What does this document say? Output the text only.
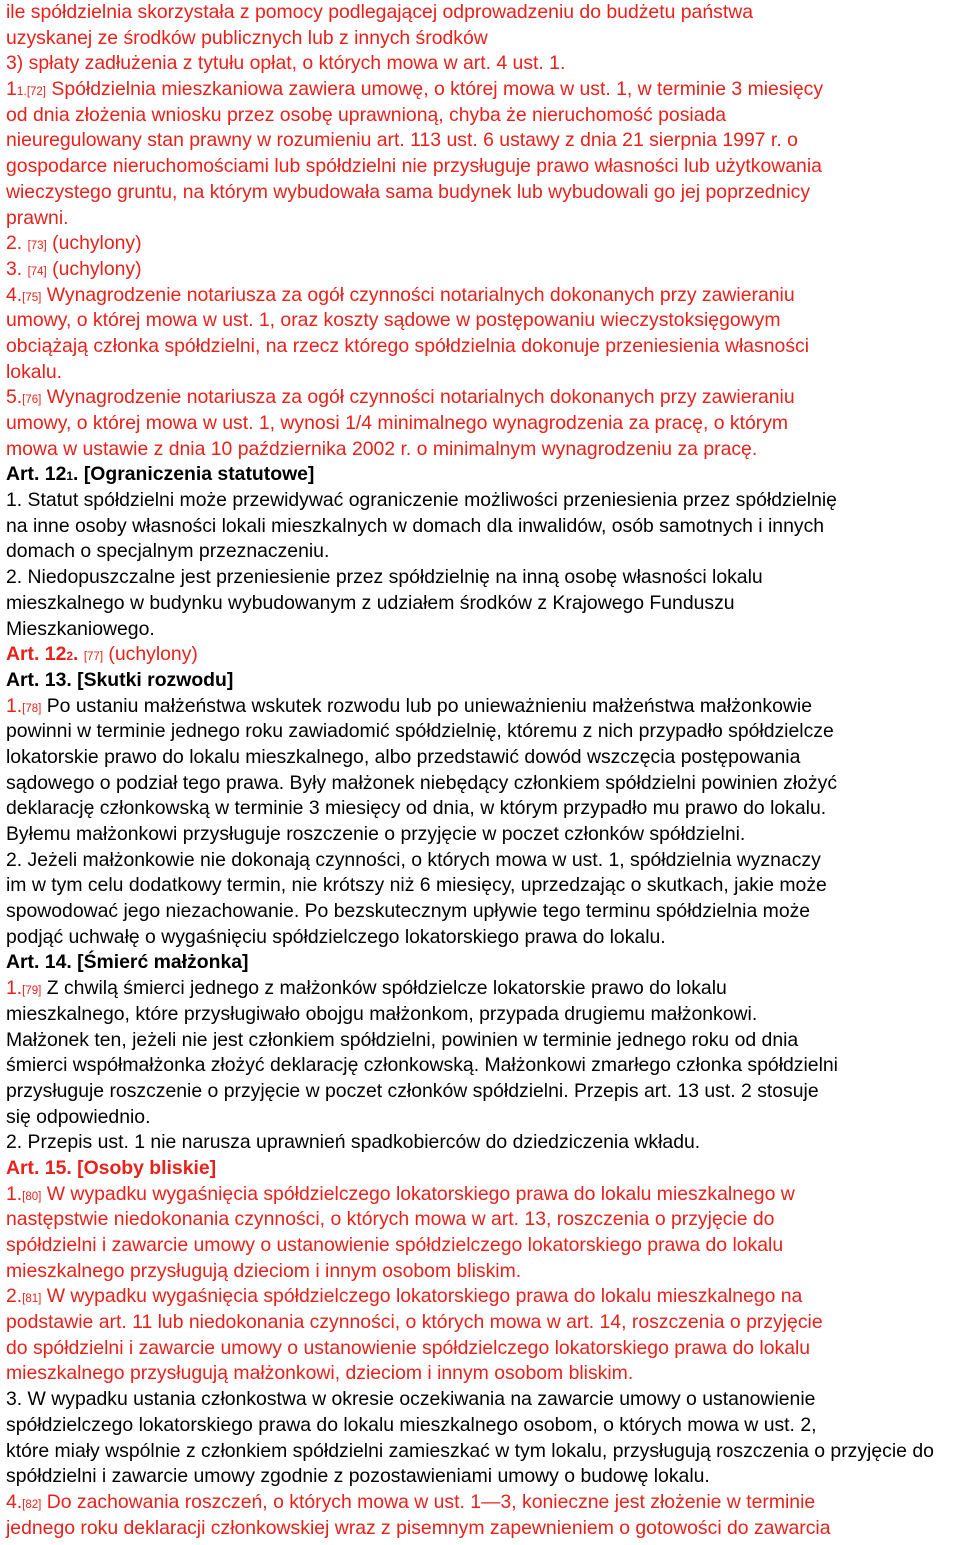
ile spółdzielnia skorzystała z pomocy podlegającej odprowadzeniu do budżetu państwa
uzyskanej ze środków publicznych lub z innych środków
3) spłaty zadłużenia z tytułu opłat, o których mowa w art. 4 ust. 1.
11.[72] Spółdzielnia mieszkaniowa zawiera umowę, o której mowa w ust. 1, w terminie 3 miesięcy
od dnia złożenia wniosku przez osobę uprawnioną, chyba że nieruchomość posiada
nieuregulowany stan prawny w rozumieniu art. 113 ust. 6 ustawy z dnia 21 sierpnia 1997 r. o
gospodarce nieruchomościami lub spółdzielni nie przysługuje prawo własności lub użytkowania
wieczystego gruntu, na którym wybudowała sama budynek lub wybudowali go jej poprzednicy
prawni.
2. [73] (uchylony)
3. [74] (uchylony)
4.[75] Wynagrodzenie notariusza za ogół czynności notarialnych dokonanych przy zawieraniu
umowy, o której mowa w ust. 1, oraz koszty sądowe w postępowaniu wieczystoksięgowym
obciążają członka spółdzielni, na rzecz którego spółdzielnia dokonuje przeniesienia własności
lokalu.
5.[76] Wynagrodzenie notariusza za ogół czynności notarialnych dokonanych przy zawieraniu
umowy, o której mowa w ust. 1, wynosi 1/4 minimalnego wynagrodzenia za pracę, o którym
mowa w ustawie z dnia 10 października 2002 r. o minimalnym wynagrodzeniu za pracę.
Art. 121. [Ograniczenia statutowe]
1. Statut spółdzielni może przewidywać ograniczenie możliwości przeniesienia przez spółdzielnię
na inne osoby własności lokali mieszkalnych w domach dla inwalidów, osób samotnych i innych
domach o specjalnym przeznaczeniu.
2. Niedopuszczalne jest przeniesienie przez spółdzielnię na inną osobę własności lokalu
mieszkalnego w budynku wybudowanym z udziałem środków z Krajowego Funduszu
Mieszkaniowego.
Art. 122. [77] (uchylony)
Art. 13. [Skutki rozwodu]
1.[78] Po ustaniu małżeństwa wskutek rozwodu lub po unieważnieniu małżeństwa małżonkowie
powinni w terminie jednego roku zawiadomić spółdzielnię, któremu z nich przypadło spółdzielcze
lokatorskie prawo do lokalu mieszkalnego, albo przedstawić dowód wszczęcia postępowania
sądowego o podział tego prawa. Były małżonek niebędący członkiem spółdzielni powinien złożyć
deklarację członkowską w terminie 3 miesięcy od dnia, w którym przypadło mu prawo do lokalu.
Byłemu małżonkowi przysługuje roszczenie o przyjęcie w poczet członków spółdzielni.
2. Jeżeli małżonkowie nie dokonają czynności, o których mowa w ust. 1, spółdzielnia wyznaczy
im w tym celu dodatkowy termin, nie krótszy niż 6 miesięcy, uprzedzając o skutkach, jakie może
spowodować jego niezachowanie. Po bezskutecznym upływie tego terminu spółdzielnia może
podjąć uchwałę o wygaśnięciu spółdzielczego lokatorskiego prawa do lokalu.
Art. 14. [Śmierć małżonka]
1.[79] Z chwilą śmierci jednego z małżonków spółdzielcze lokatorskie prawo do lokalu
mieszkalnego, które przysługiwało obojgu małżonkom, przypada drugiemu małżonkowi.
Małżonek ten, jeżeli nie jest członkiem spółdzielni, powinien w terminie jednego roku od dnia
śmierci współmałżonka złożyć deklarację członkowską. Małżonkowi zmarłego członka spółdzielni
przysługuje roszczenie o przyjęcie w poczet członków spółdzielni. Przepis art. 13 ust. 2 stosuje
się odpowiednio.
2. Przepis ust. 1 nie narusza uprawnień spadkobierców do dziedziczenia wkładu.
Art. 15. [Osoby bliskie]
1.[80] W wypadku wygaśnięcia spółdzielczego lokatorskiego prawa do lokalu mieszkalnego w
następstwie niedokonania czynności, o których mowa w art. 13, roszczenia o przyjęcie do
spółdzielni i zawarcie umowy o ustanowienie spółdzielczego lokatorskiego prawa do lokalu
mieszkalnego przysługują dzieciom i innym osobom bliskim.
2.[81] W wypadku wygaśnięcia spółdzielczego lokatorskiego prawa do lokalu mieszkalnego na
podstawie art. 11 lub niedokonania czynności, o których mowa w art. 14, roszczenia o przyjęcie
do spółdzielni i zawarcie umowy o ustanowienie spółdzielczego lokatorskiego prawa do lokalu
mieszkalnego przysługują małżonkowi, dzieciom i innym osobom bliskim.
3. W wypadku ustania członkostwa w okresie oczekiwania na zawarcie umowy o ustanowienie
spółdzielczego lokatorskiego prawa do lokalu mieszkalnego osobom, o których mowa w ust. 2,
które miały wspólnie z członkiem spółdzielni zamieszkać w tym lokalu, przysługują roszczenia o przyjęcie do
spółdzielni i zawarcie umowy zgodnie z pozostawieniami umowy o budowę lokalu.
4.[82] Do zachowania roszczeń, o których mowa w ust. 1—3, konieczne jest złożenie w terminie
jednego roku deklaracji członkowskiej wraz z pisemnym zapewnieniem o gotowości do zawarcia
